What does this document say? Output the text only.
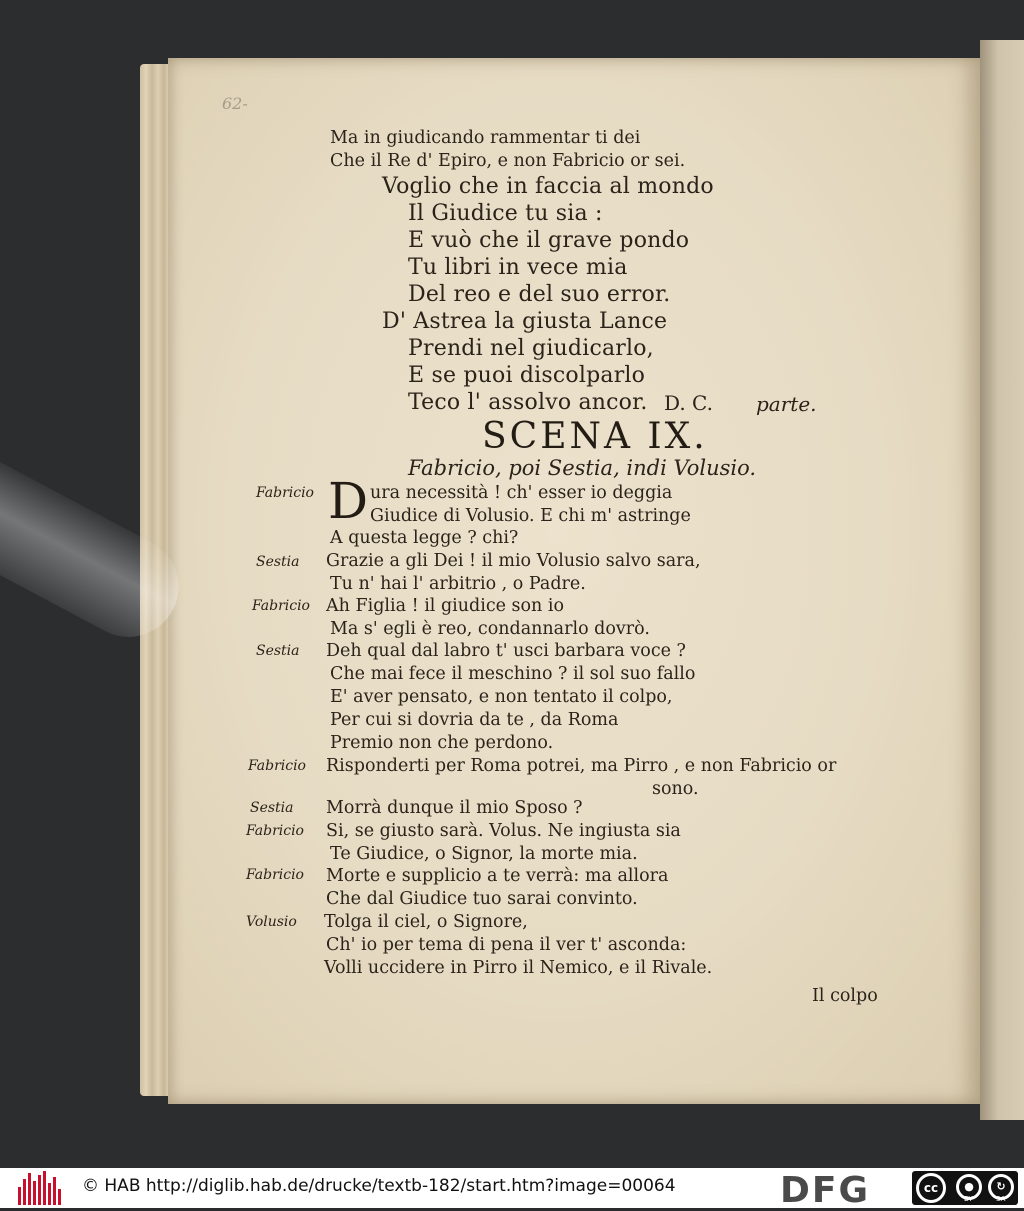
62-
Ma in giudicando rammentar ti dei
Che il Re d' Epiro, e non Fabricio or sei.
Voglio che in faccia al mondo
Il Giudice tu sia :
E vuò che il grave pondo
Tu libri in vece mia
Del reo e del suo error.
D' Astrea la giusta Lance
Prendi nel giudicarlo,
E se puoi discolparlo
Teco l' assolvo ancor. D. C. parte.
SCENA IX.
Fabricio, poi Sestia, indi Volusio.
D
Fabricio	ura necessità ! ch' esser io deggia
Giudice di Volusio. E chi m' astringe
A questa legge ? chi?
Sestia Grazie a gli Dei ! il mio Volusio salvo sara,
Tu n' hai l' arbitrio , o Padre.
Fabricio Ah Figlia ! il giudice son io
Ma s' egli è reo, condannarlo dovrò.
Sestia Deh qual dal labro t' usci barbara voce ?
Che mai fece il meschino ? il sol suo fallo
E' aver pensato, e non tentato il colpo,
Per cui si dovria da te , da Roma
Premio non che perdono.
Fabricio Risponderti per Roma potrei, ma Pirro , e non Fabricio or
sono.
Sestia Morrà dunque il mio Sposo ?
Fabricio Si, se giusto sarà. Volus. Ne ingiusta sia
Te Giudice, o Signor, la morte mia.
Fabricio Morte e supplicio a te verrà: ma allora
Che dal Giudice tuo sarai convinto.
Volusio Tolga il ciel, o Signore,
Ch' io per tema di pena il ver t' asconda:
Volli uccidere in Pirro il Nemico, e il Rivale.
Il colpo
© HAB http://diglib.hab.de/drucke/textb-182/start.htm?image=00064	DFG	cc	●
BY
↻
SA
